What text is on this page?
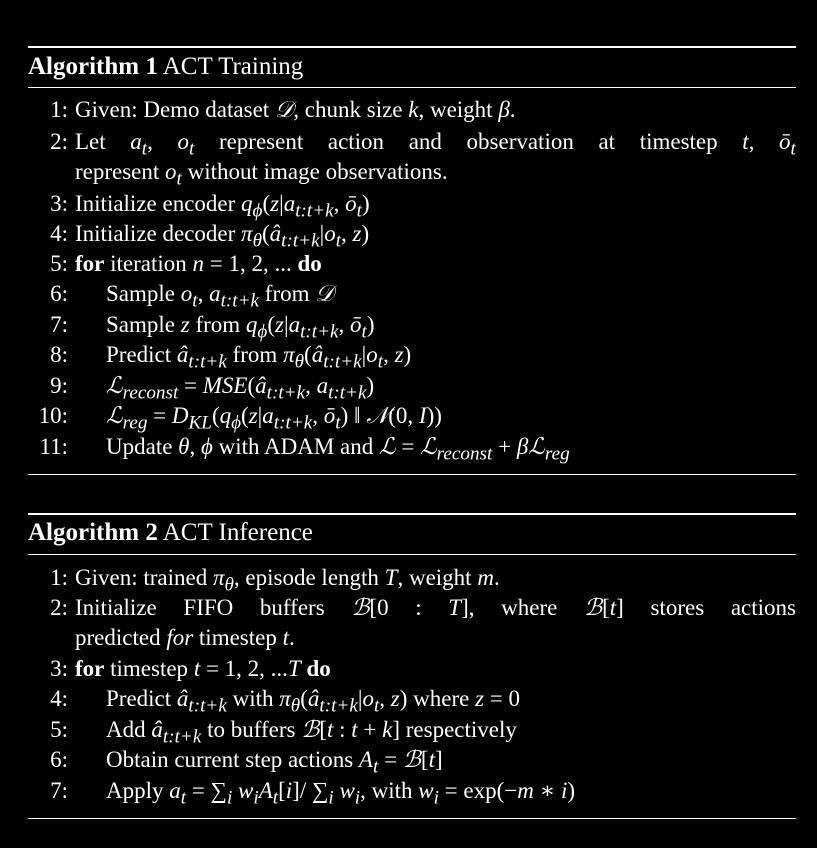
Algorithm 1 ACT Training
1: Given: Demo dataset 𝒟, chunk size k, weight β.
2: Let $a_t$, $o_t$ represent action and observation at timestep t, $ō_t$
represent $o_t$ without image observations.
3: Initialize encoder $q_\phi(z|a_{t:t+k}$, $ō_t$)
4: Initialize decoder $\pi_\theta(â_{t:t+k}|o_t$, z)
5: for iteration n = 1, 2, ... do
6: Sample $o_t$, $a_{t:t+k}$ from 𝒟
7: Sample z from $q_\phi(z|a_{t:t+k}$, $ō_t$)
8: Predict $â_{t:t+k}$ from $\pi_\theta(â_{t:t+k}|o_t$, z)
9: ℒ$_{reconst}$ = $MSE(â_{t:t+k}$, $a_{t:t+k}$)
10: ℒ$_{reg}$ = $D_{KL}(q_\phi(z|a_{t:t+k}$, $ō_t$) ‖ 𝒩(0, I))
11: Update θ, ϕ with ADAM and ℒ = ℒ$_{reconst}$ + βℒ$_{reg}$
Algorithm 2 ACT Inference
1: Given: trained $\pi_\theta$, episode length T, weight m.
2: Initialize FIFO buffers ℬ[0 : T], where ℬ[t] stores actions
predicted for timestep t.
3: for timestep t = 1, 2, ...T do
4: Predict $â_{t:t+k}$ with $\pi_\theta(â_{t:t+k}|o_t$, z) where z = 0
5: Add $â_{t:t+k}$ to buffers ℬ[t : t + k] respectively
6: Obtain current step actions $A_t$ = ℬ[t]
7: Apply $a_t = \sum_i$ $w_iA_t[i]/$ $\sum_i$ $w_i$, with $w_i = \exp(-m$ ∗ i)
